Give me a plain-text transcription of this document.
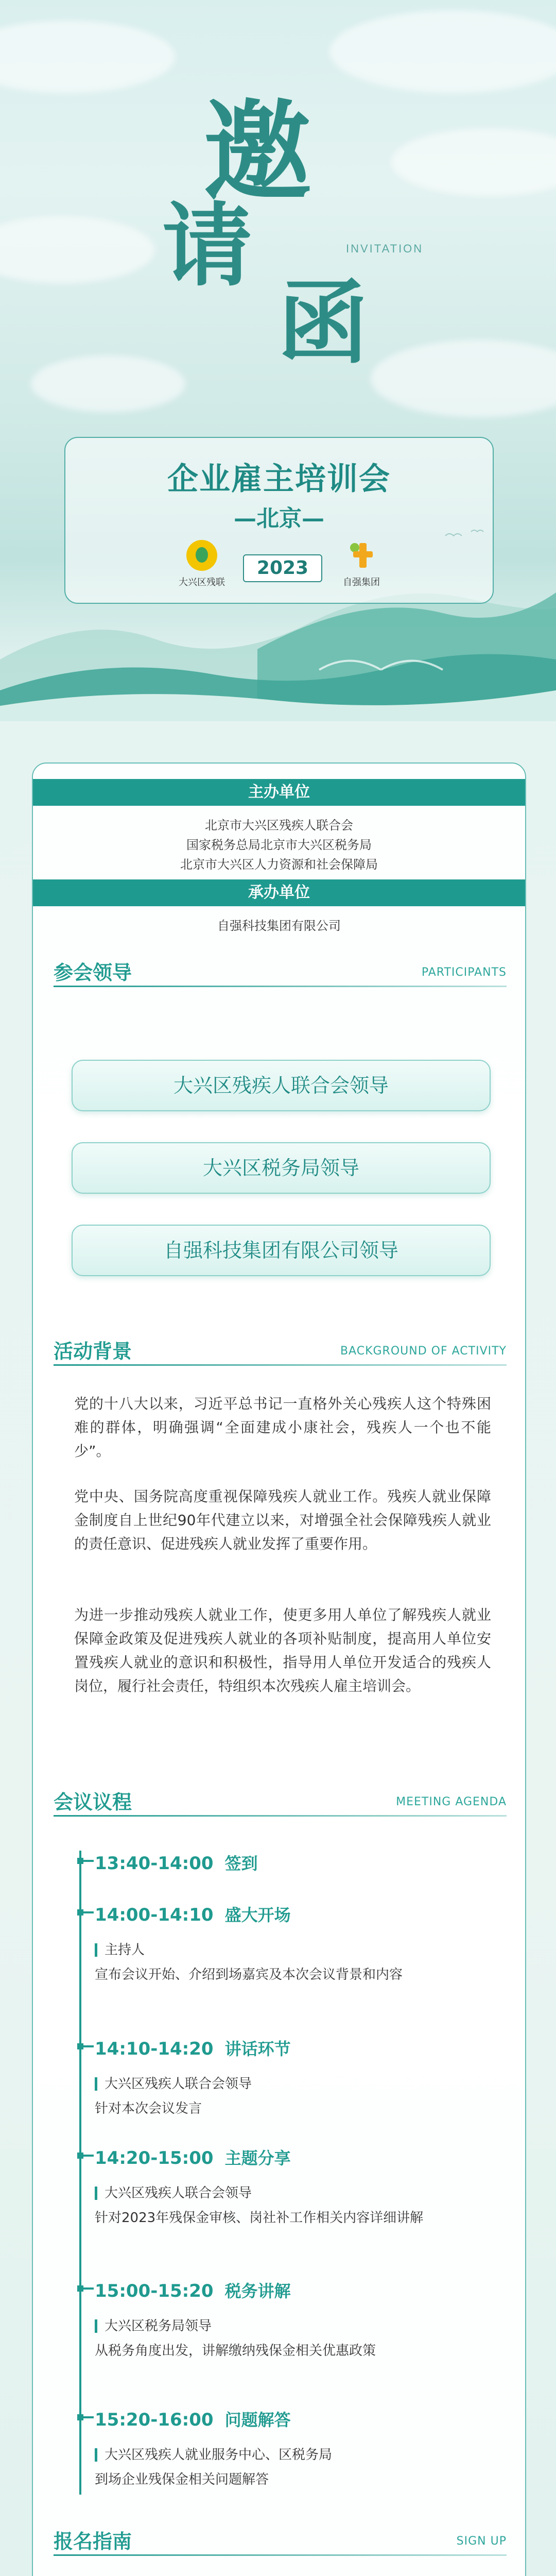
邀
请
函
INVITATION
企业雇主培训会
—北京—
大兴区残联
2023
自强集团
主办单位
北京市大兴区残疾人联合会
国家税务总局北京市大兴区税务局
北京市大兴区人力资源和社会保障局
承办单位
自强科技集团有限公司
参会领导	PARTICIPANTS
大兴区残疾人联合会领导
大兴区税务局领导
自强科技集团有限公司领导
活动背景	BACKGROUND OF ACTIVITY
党的十八大以来，习近平总书记一直格外关心残疾人这个特殊困难的群体，明确强调“全面建成小康社会，残疾人一个也不能少”。
党中央、国务院高度重视保障残疾人就业工作。残疾人就业保障金制度自上世纪90年代建立以来，对增强全社会保障残疾人就业的责任意识、促进残疾人就业发挥了重要作用。
为进一步推动残疾人就业工作，使更多用人单位了解残疾人就业保障金政策及促进残疾人就业的各项补贴制度，提高用人单位安置残疾人就业的意识和积极性，指导用人单位开发适合的残疾人岗位，履行社会责任，特组织本次残疾人雇主培训会。
会议议程	MEETING AGENDA
13:40-14:00 签到
14:00-14:10 盛大开场
主持人
宣布会议开始、介绍到场嘉宾及本次会议背景和内容
14:10-14:20 讲话环节
大兴区残疾人联合会领导
针对本次会议发言
14:20-15:00 主题分享
大兴区残疾人联合会领导
针对2023年残保金审核、岗社补工作相关内容详细讲解
15:00-15:20 税务讲解
大兴区税务局领导
从税务角度出发，讲解缴纳残保金相关优惠政策
15:20-16:00 问题解答
大兴区残疾人就业服务中心、区税务局
到场企业残保金相关问题解答
报名指南	SIGN UP
